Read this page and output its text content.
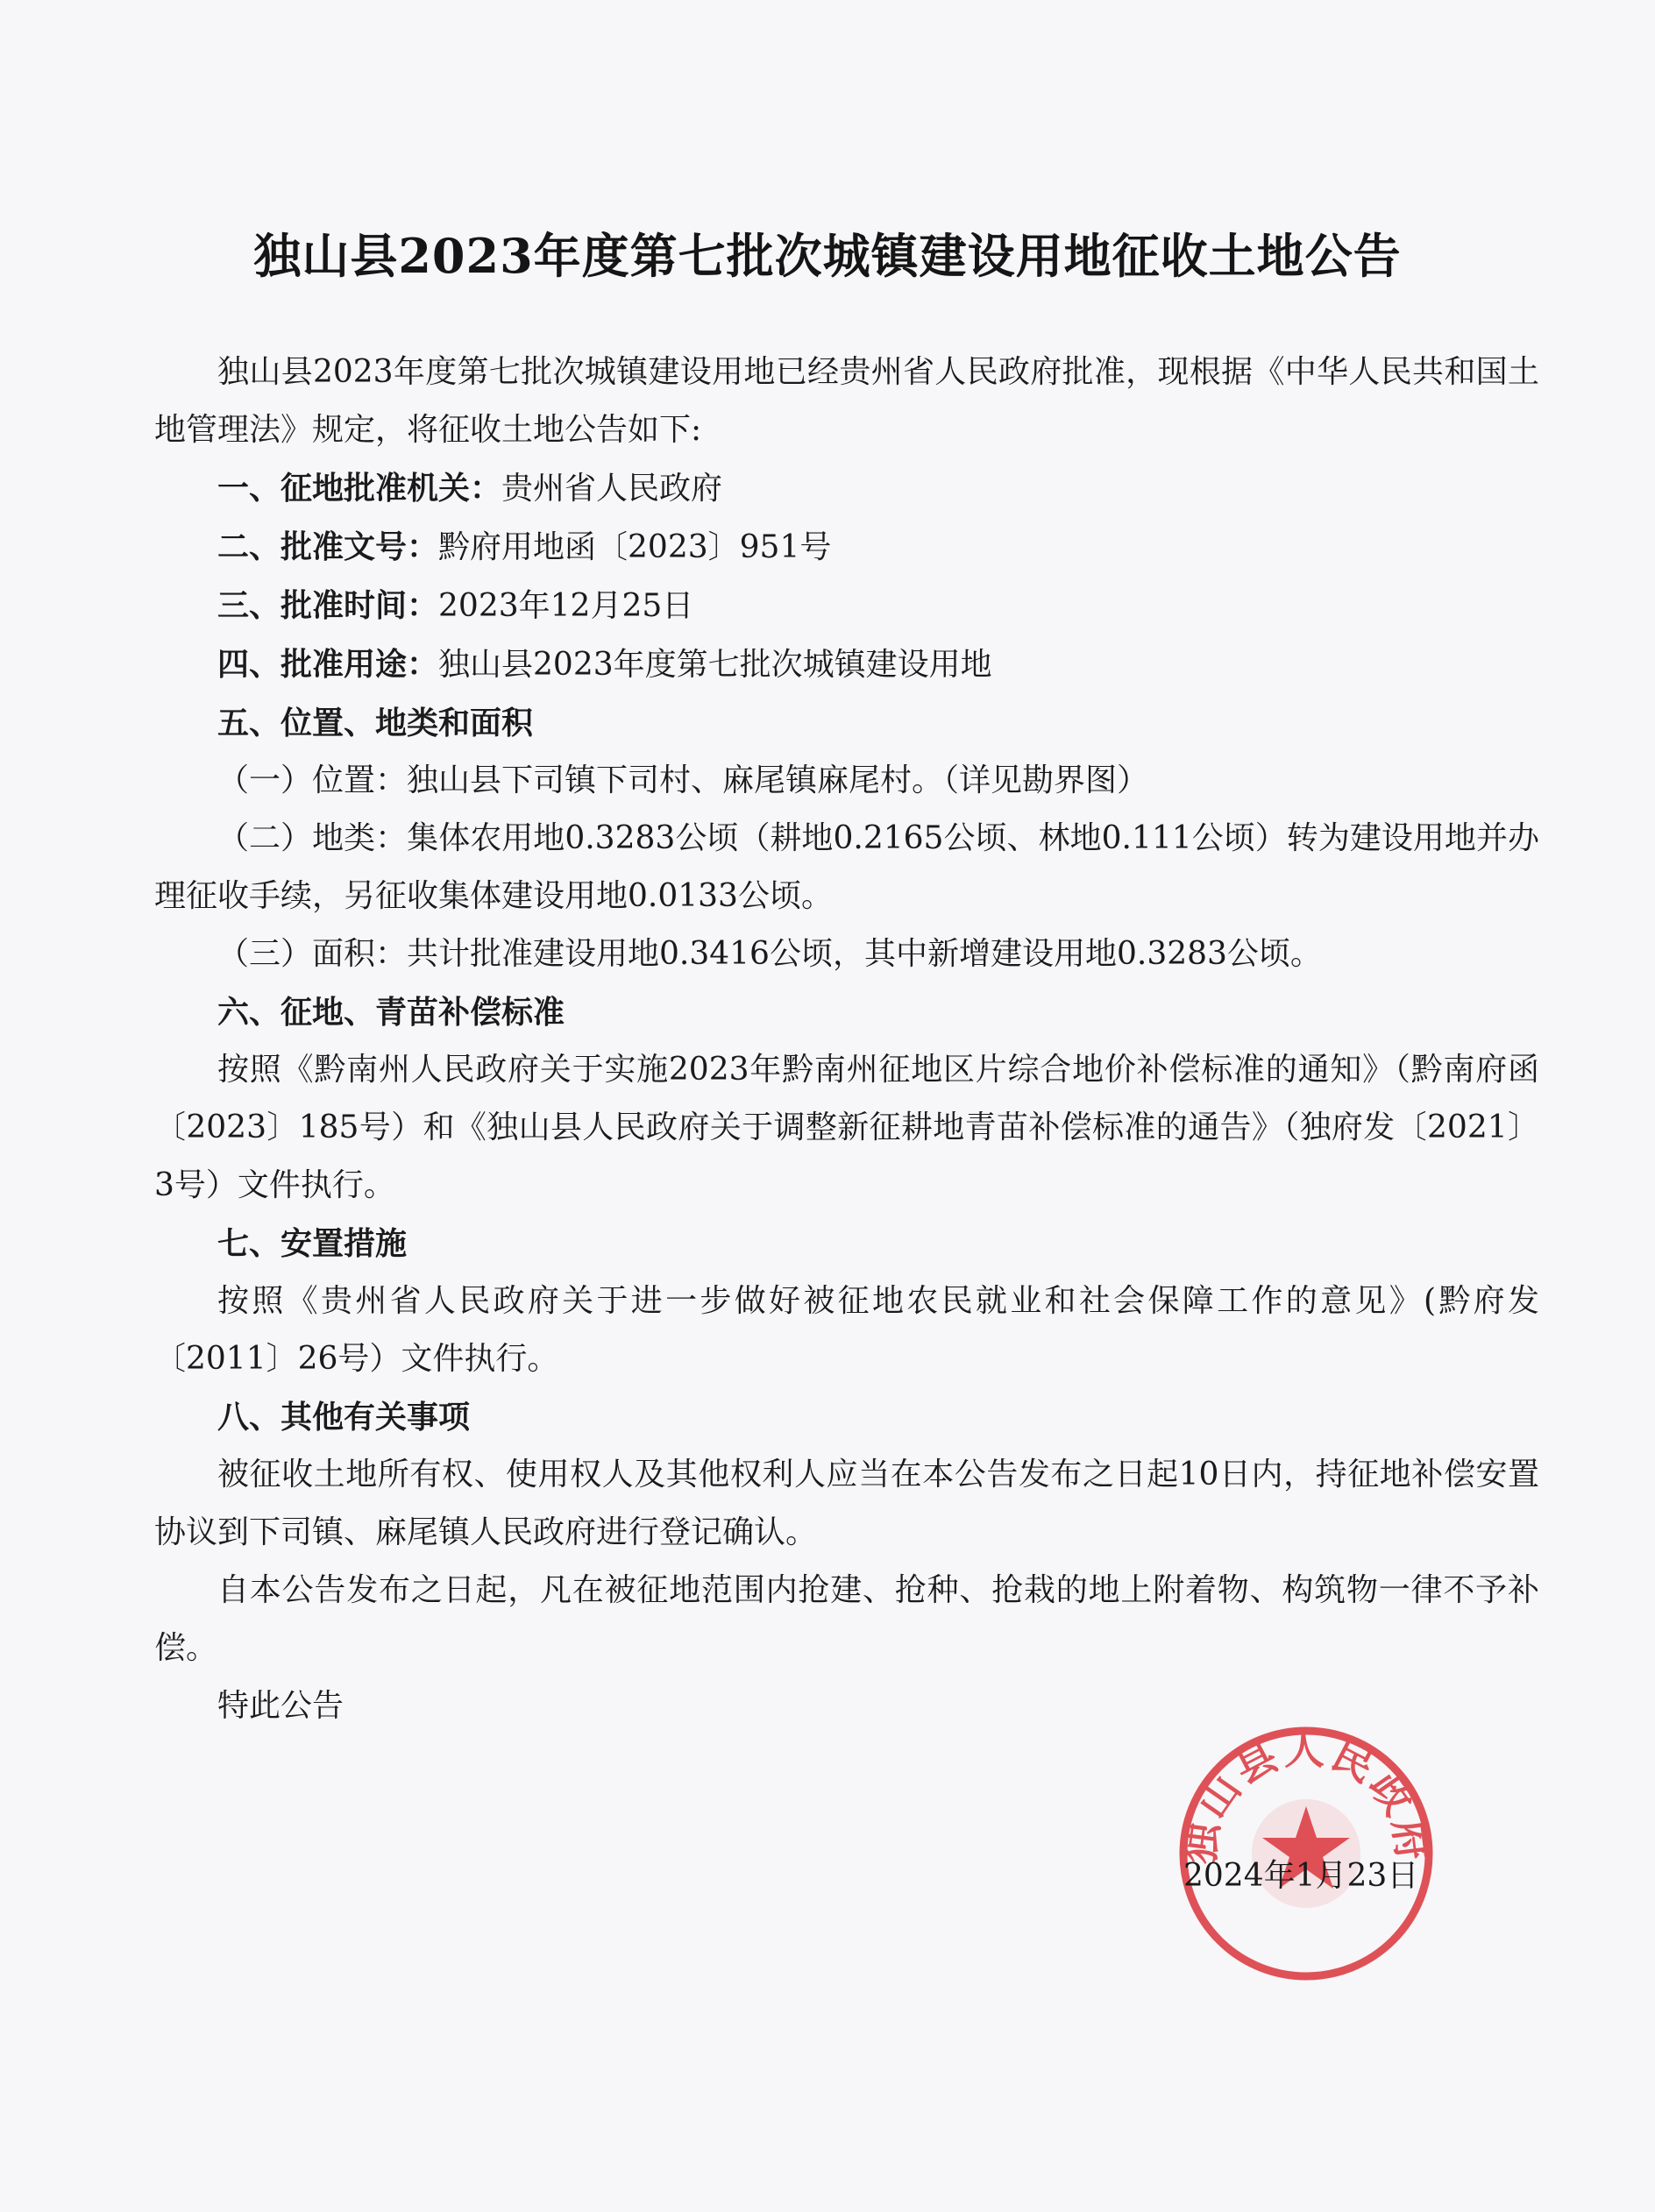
独山县2023年度第七批次城镇建设用地征收土地公告

独山县2023年度第七批次城镇建设用地已经贵州省人民政府批准，现根据《中华人民共和国土地管理法》规定，将征收土地公告如下:

一、征地批准机关：贵州省人民政府

二、批准文号：黔府用地函〔2023〕951号

三、批准时间：2023年12月25日

四、批准用途：独山县2023年度第七批次城镇建设用地

五、位置、地类和面积

（一）位置：独山县下司镇下司村、麻尾镇麻尾村。（详见勘界图）

（二）地类：集体农用地0.3283公顷（耕地0.2165公顷、林地0.111公顷）转为建设用地并办理征收手续，另征收集体建设用地0.0133公顷。

（三）面积：共计批准建设用地0.3416公顷，其中新增建设用地0.3283公顷。

六、征地、青苗补偿标准

按照《黔南州人民政府关于实施2023年黔南州征地区片综合地价补偿标准的通知》（黔南府函〔2023〕185号）和《独山县人民政府关于调整新征耕地青苗补偿标准的通告》（独府发〔2021〕3号）文件执行。

七、安置措施

按照《贵州省人民政府关于进一步做好被征地农民就业和社会保障工作的意见》(黔府发〔2011〕26号）文件执行。

八、其他有关事项

被征收土地所有权、使用权人及其他权利人应当在本公告发布之日起10日内，持征地补偿安置协议到下司镇、麻尾镇人民政府进行登记确认。

自本公告发布之日起，凡在被征地范围内抢建、抢种、抢栽的地上附着物、构筑物一律不予补偿。

特此公告

独山县人民政府
2024年1月23日
